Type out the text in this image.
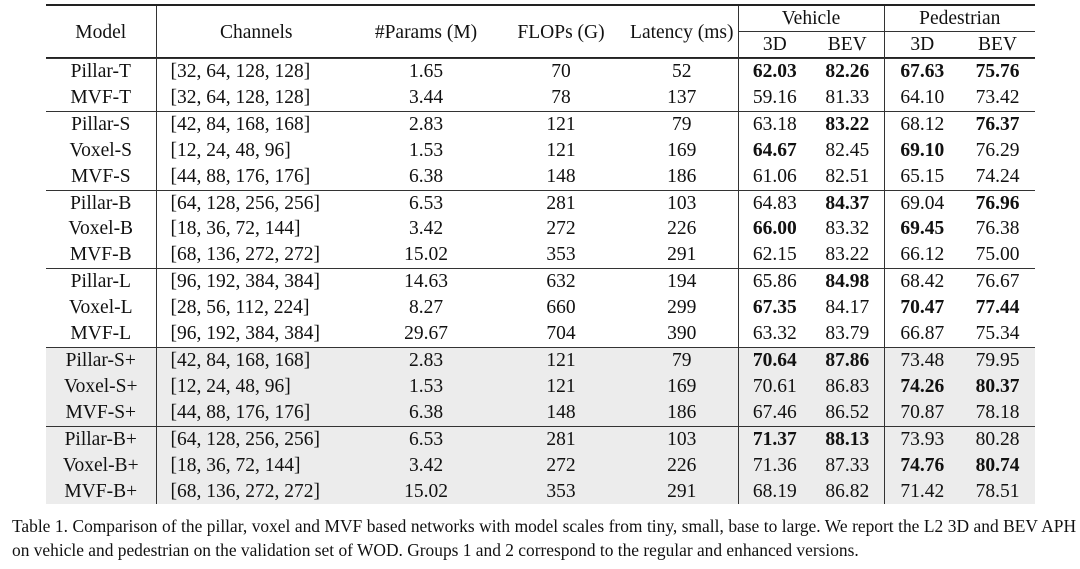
Model	Channels	#Params (M)	FLOPs (G)	Latency (ms)	Vehicle		Pedestrian	
					3D	BEV	3D	BEV
Pillar-T	[32, 64, 128, 128]	1.65	70	52	62.03	82.26	67.63	75.76
MVF-T	[32, 64, 128, 128]	3.44	78	137	59.16	81.33	64.10	73.42
Pillar-S	[42, 84, 168, 168]	2.83	121	79	63.18	83.22	68.12	76.37
Voxel-S	[12, 24, 48, 96]	1.53	121	169	64.67	82.45	69.10	76.29
MVF-S	[44, 88, 176, 176]	6.38	148	186	61.06	82.51	65.15	74.24
Pillar-B	[64, 128, 256, 256]	6.53	281	103	64.83	84.37	69.04	76.96
Voxel-B	[18, 36, 72, 144]	3.42	272	226	66.00	83.32	69.45	76.38
MVF-B	[68, 136, 272, 272]	15.02	353	291	62.15	83.22	66.12	75.00
Pillar-L	[96, 192, 384, 384]	14.63	632	194	65.86	84.98	68.42	76.67
Voxel-L	[28, 56, 112, 224]	8.27	660	299	67.35	84.17	70.47	77.44
MVF-L	[96, 192, 384, 384]	29.67	704	390	63.32	83.79	66.87	75.34
Pillar-S+	[42, 84, 168, 168]	2.83	121	79	70.64	87.86	73.48	79.95
Voxel-S+	[12, 24, 48, 96]	1.53	121	169	70.61	86.83	74.26	80.37
MVF-S+	[44, 88, 176, 176]	6.38	148	186	67.46	86.52	70.87	78.18
Pillar-B+	[64, 128, 256, 256]	6.53	281	103	71.37	88.13	73.93	80.28
Voxel-B+	[18, 36, 72, 144]	3.42	272	226	71.36	87.33	74.76	80.74
MVF-B+	[68, 136, 272, 272]	15.02	353	291	68.19	86.82	71.42	78.51
Table 1. Comparison of the pillar, voxel and MVF based networks with model scales from tiny, small, base to large. We report the L2 3D and BEV APH on vehicle and pedestrian on the validation set of WOD. Groups 1 and 2 correspond to the regular and enhanced versions.
